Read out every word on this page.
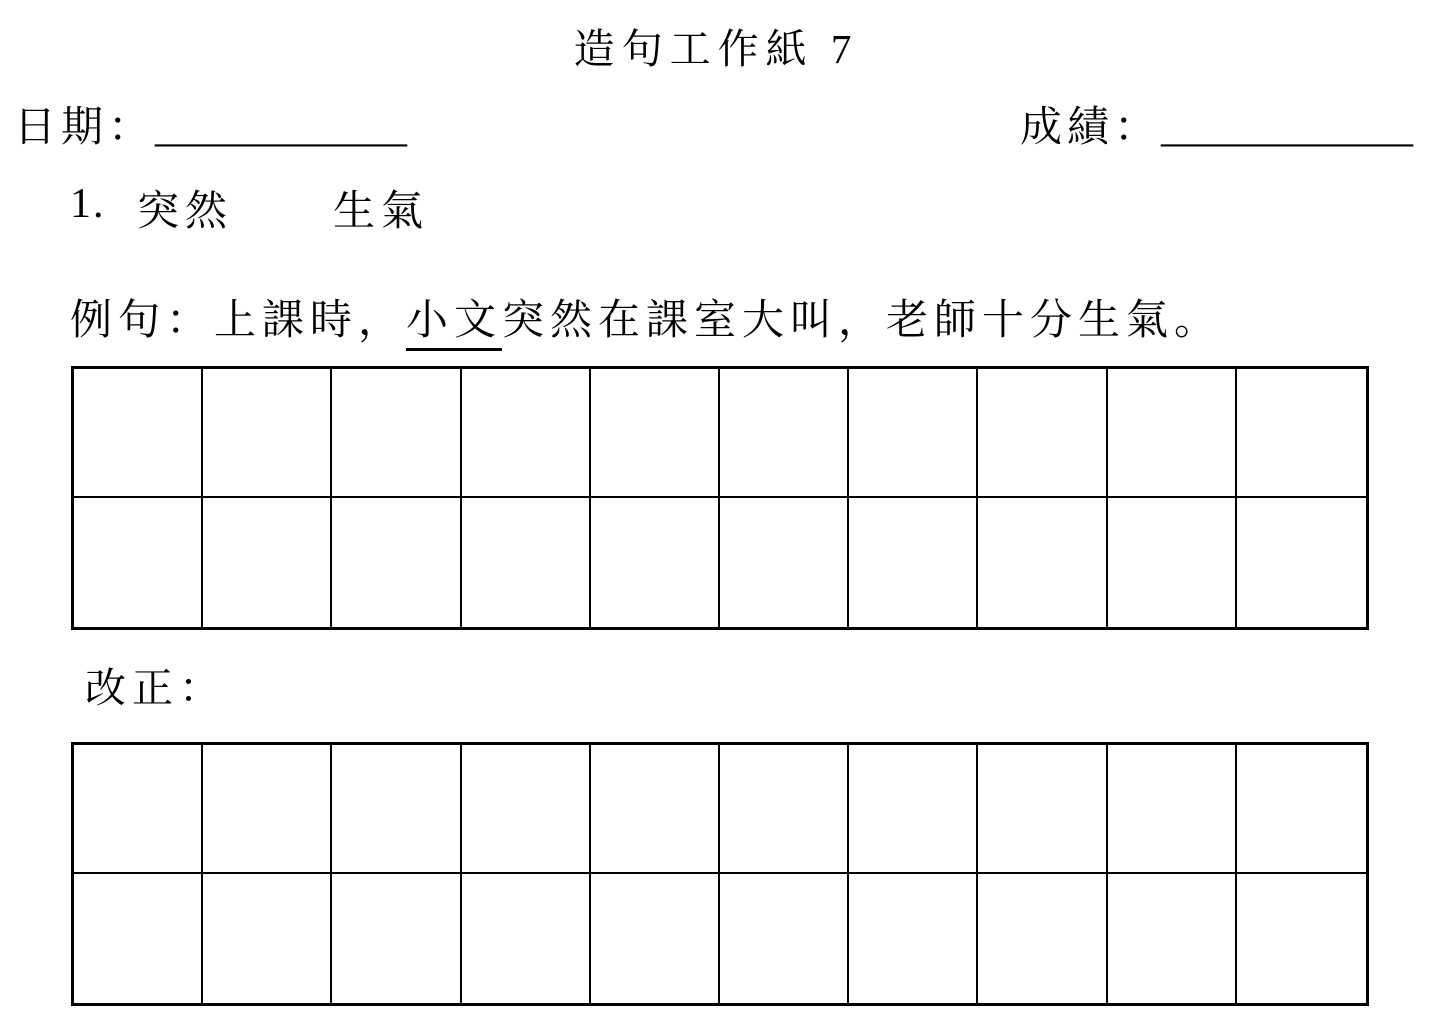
造句工作紙 7
日期：____________	成績：____________
1. 突然 生氣
例句：上課時，小文突然在課室大叫，老師十分生氣。
改正：
